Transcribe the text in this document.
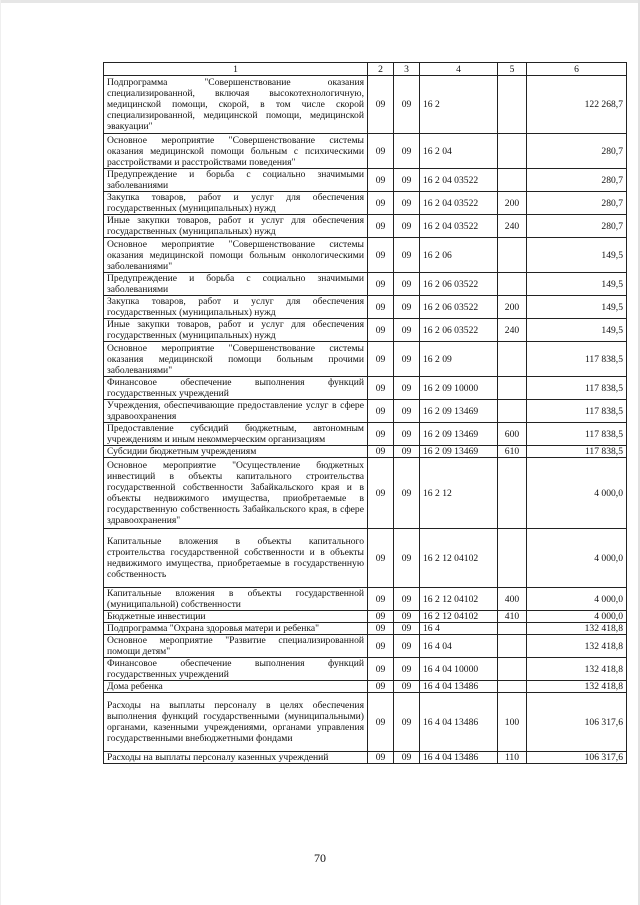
1	2	3	4	5	6
Подпрограмма "Совершенствование оказания специализированной, включая высокотехнологичную, медицинской помощи, скорой, в том числе скорой специализированной, медицинской помощи, медицинской эвакуации"	09	09	16 2		122 268,7
Основное мероприятие "Совершенствование системы оказания медицинской помощи больным с психическими расстройствами и расстройствами поведения"	09	09	16 2 04		280,7
Предупреждение и борьба с социально значимыми заболеваниями	09	09	16 2 04 03522		280,7
Закупка товаров, работ и услуг для обеспечения государственных (муниципальных) нужд	09	09	16 2 04 03522	200	280,7
Иные закупки товаров, работ и услуг для обеспечения государственных (муниципальных) нужд	09	09	16 2 04 03522	240	280,7
Основное мероприятие "Совершенствование системы оказания медицинской помощи больным онкологическими заболеваниями"	09	09	16 2 06		149,5
Предупреждение и борьба с социально значимыми заболеваниями	09	09	16 2 06 03522		149,5
Закупка товаров, работ и услуг для обеспечения государственных (муниципальных) нужд	09	09	16 2 06 03522	200	149,5
Иные закупки товаров, работ и услуг для обеспечения государственных (муниципальных) нужд	09	09	16 2 06 03522	240	149,5
Основное мероприятие "Совершенствование системы оказания медицинской помощи больным прочими заболеваниями"	09	09	16 2 09		117 838,5
Финансовое обеспечение выполнения функций государственных учреждений	09	09	16 2 09 10000		117 838,5
Учреждения, обеспечивающие предоставление услуг в сфере здравоохранения	09	09	16 2 09 13469		117 838,5
Предоставление субсидий бюджетным, автономным учреждениям и иным некоммерческим организациям	09	09	16 2 09 13469	600	117 838,5
Субсидии бюджетным учреждениям	09	09	16 2 09 13469	610	117 838,5
Основное мероприятие "Осуществление бюджетных инвестиций в объекты капитального строительства государственной собственности Забайкальского края и в объекты недвижимого имущества, приобретаемые в государственную собственность Забайкальского края, в сфере здравоохранения"	09	09	16 2 12		4 000,0
Капитальные вложения в объекты капитального строительства государственной собственности и в объекты недвижимого имущества, приобретаемые в государственную собственность	09	09	16 2 12 04102		4 000,0
Капитальные вложения в объекты государственной (муниципальной) собственности	09	09	16 2 12 04102	400	4 000,0
Бюджетные инвестиции	09	09	16 2 12 04102	410	4 000,0
Подпрограмма "Охрана здоровья матери и ребенка"	09	09	16 4		132 418,8
Основное мероприятие "Развитие специализированной помощи детям"	09	09	16 4 04		132 418,8
Финансовое обеспечение выполнения функций государственных учреждений	09	09	16 4 04 10000		132 418,8
Дома ребенка	09	09	16 4 04 13486		132 418,8
Расходы на выплаты персоналу в целях обеспечения выполнения функций государственными (муниципальными) органами, казенными учреждениями, органами управления государственными внебюджетными фондами	09	09	16 4 04 13486	100	106 317,6
Расходы на выплаты персоналу казенных учреждений	09	09	16 4 04 13486	110	106 317,6
70
